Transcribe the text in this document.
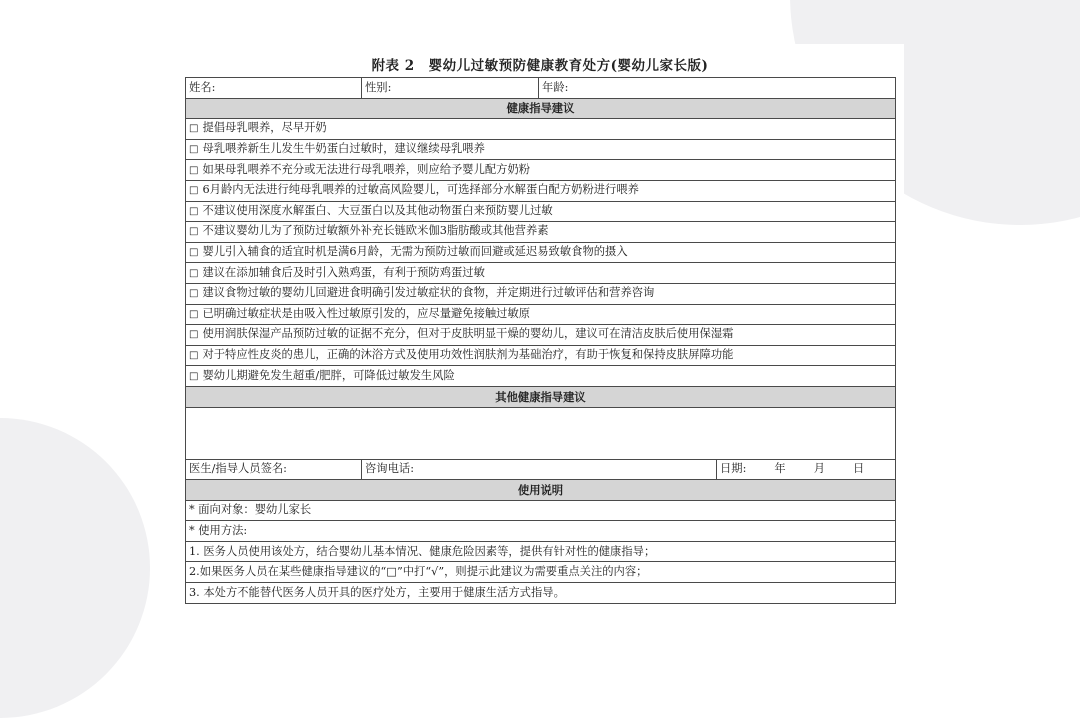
附表 2　婴幼儿过敏预防健康教育处方(婴幼儿家长版)
姓名:	性别:	年龄:	
健康指导建议			
□ 提倡母乳喂养，尽早开奶			
□ 母乳喂养新生儿发生牛奶蛋白过敏时，建议继续母乳喂养			
□ 如果母乳喂养不充分或无法进行母乳喂养，则应给予婴儿配方奶粉			
□ 6月龄内无法进行纯母乳喂养的过敏高风险婴儿，可选择部分水解蛋白配方奶粉进行喂养			
□ 不建议使用深度水解蛋白、大豆蛋白以及其他动物蛋白来预防婴儿过敏			
□ 不建议婴幼儿为了预防过敏额外补充长链欧米伽3脂肪酸或其他营养素			
□ 婴儿引入辅食的适宜时机是满6月龄，无需为预防过敏而回避或延迟易致敏食物的摄入			
□ 建议在添加辅食后及时引入熟鸡蛋，有利于预防鸡蛋过敏			
□ 建议食物过敏的婴幼儿回避进食明确引发过敏症状的食物，并定期进行过敏评估和营养咨询			
□ 已明确过敏症状是由吸入性过敏原引发的，应尽量避免接触过敏原			
□ 使用润肤保湿产品预防过敏的证据不充分，但对于皮肤明显干燥的婴幼儿，建议可在清洁皮肤后使用保湿霜			
□ 对于特应性皮炎的患儿，正确的沐浴方式及使用功效性润肤剂为基础治疗，有助于恢复和保持皮肤屏障功能			
□ 婴幼儿期避免发生超重/肥胖，可降低过敏发生风险			
其他健康指导建议			

医生/指导人员签名:	咨询电话:		日期: 年 月 日
使用说明			
* 面向对象：婴幼儿家长			
* 使用方法:			
1. 医务人员使用该处方，结合婴幼儿基本情况、健康危险因素等，提供有针对性的健康指导；			
2.如果医务人员在某些健康指导建议的“□”中打“√”，则提示此建议为需要重点关注的内容；			
3. 本处方不能替代医务人员开具的医疗处方，主要用于健康生活方式指导。			
